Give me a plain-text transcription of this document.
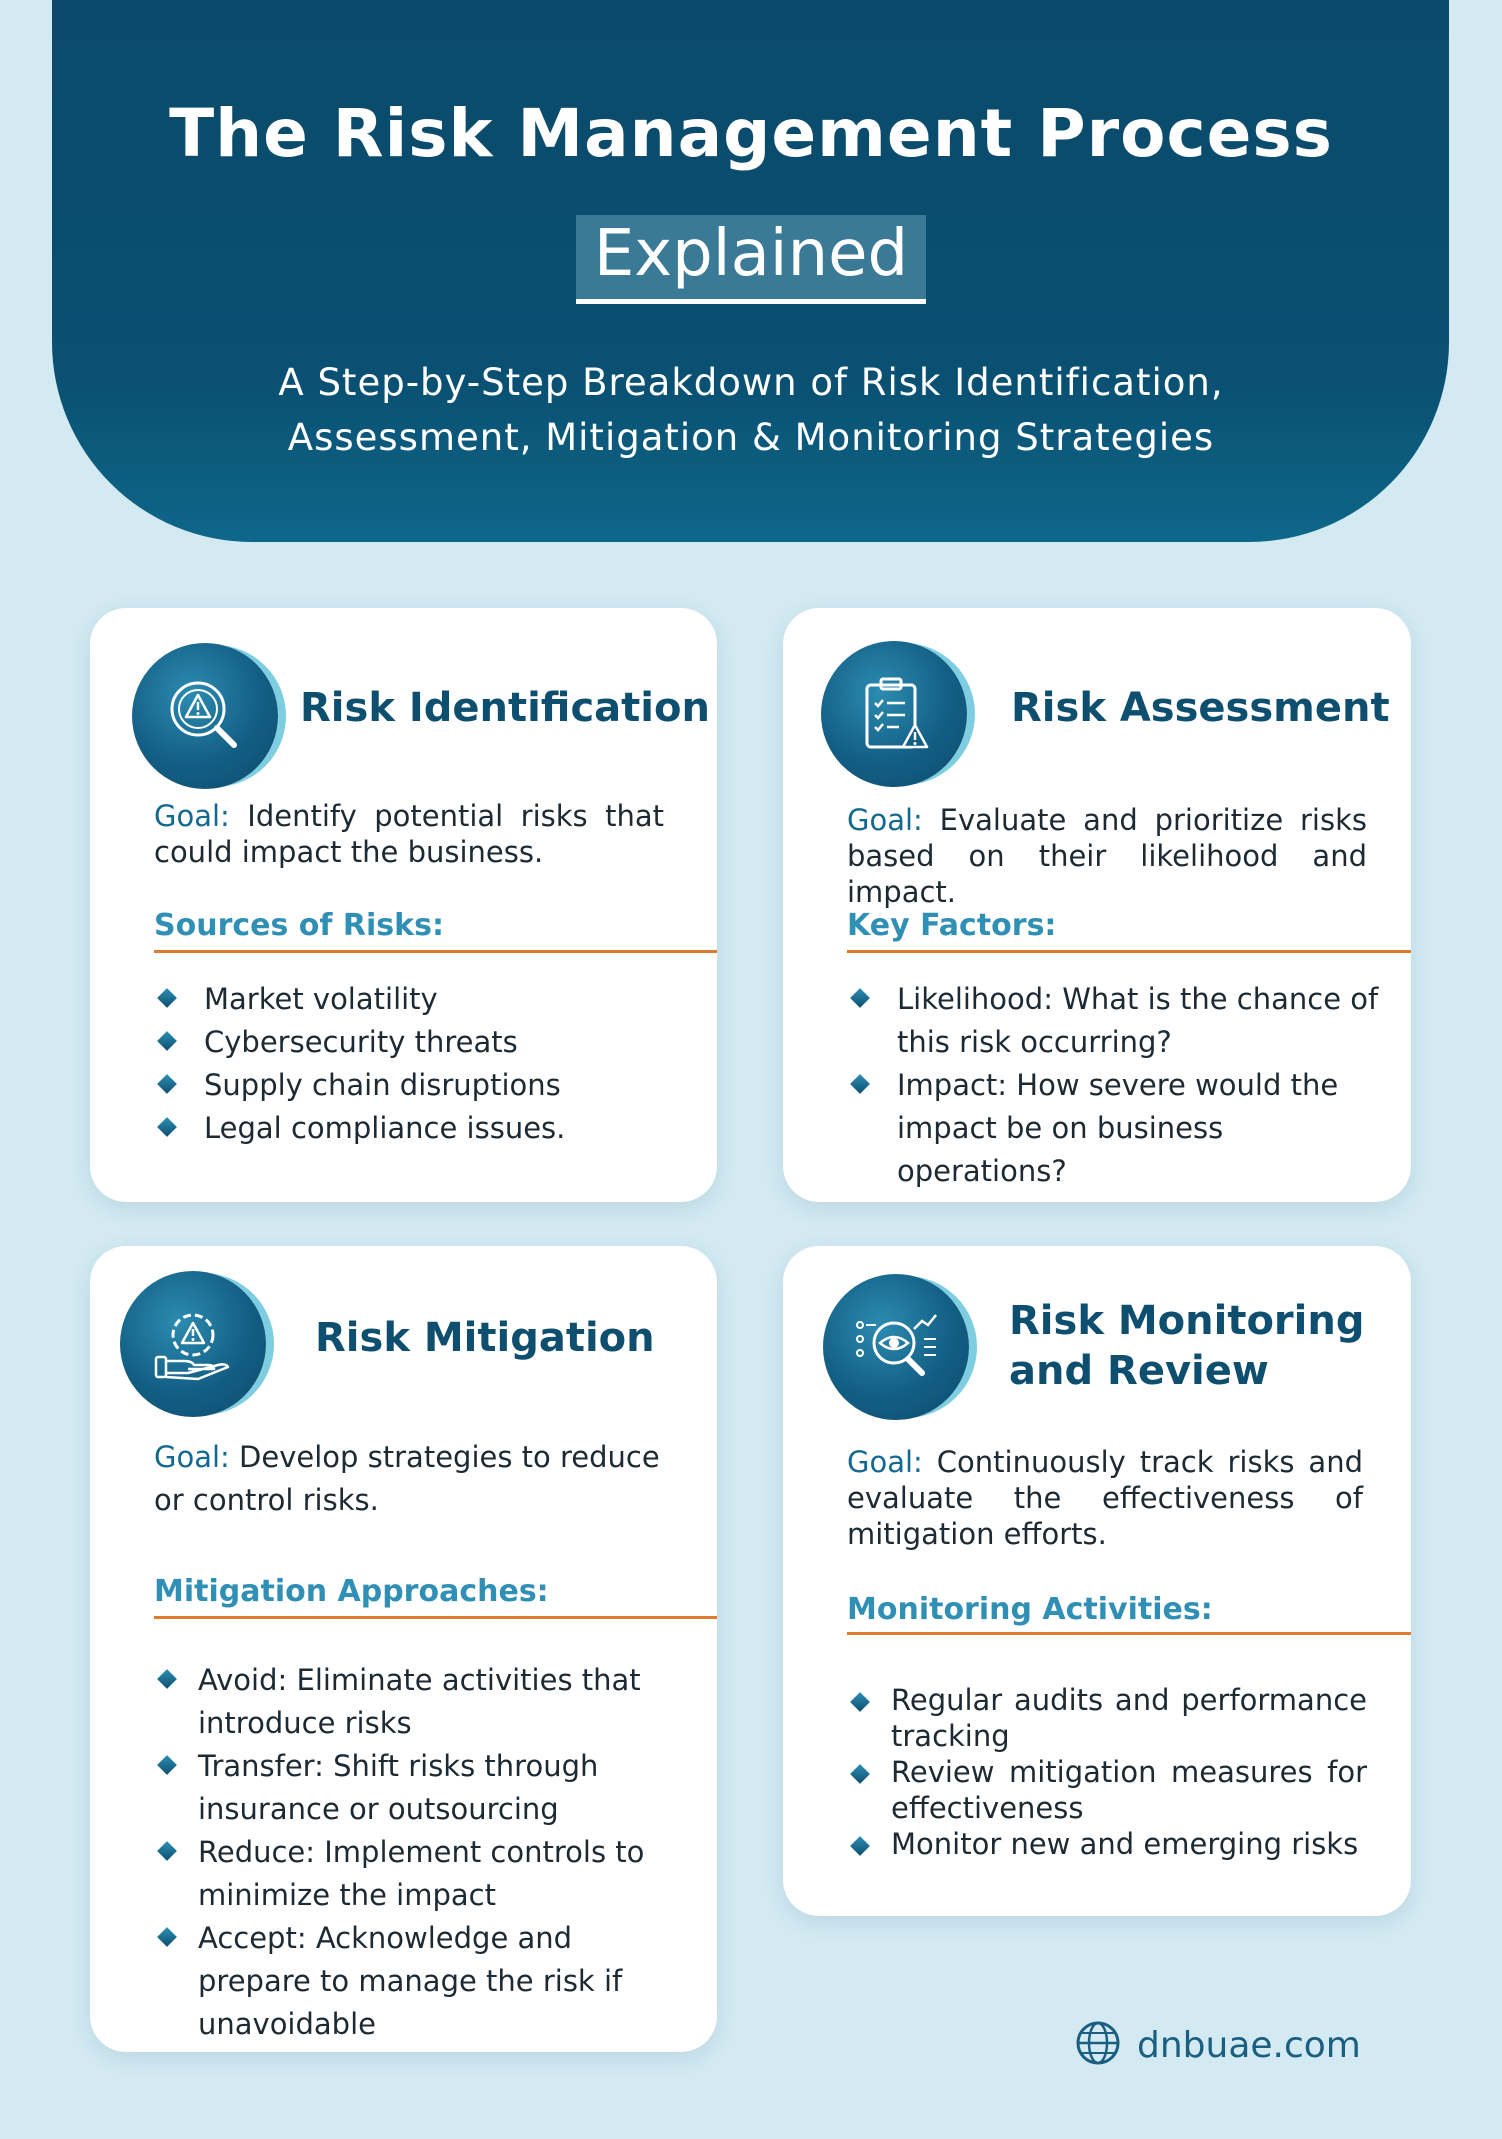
The Risk Management Process
Explained
A Step-by-Step Breakdown of Risk Identification,
Assessment, Mitigation & Monitoring Strategies
Risk Identification
Goal: Identify potential risks that could impact the business.
Sources of Risks:
Market volatility
Cybersecurity threats
Supply chain disruptions
Legal compliance issues.
Risk Assessment
Goal: Evaluate and prioritize risks based on their likelihood and impact.
Key Factors:
Likelihood: What is the chance of this risk occurring?
Impact: How severe would the impact be on business operations?
Risk Mitigation
Goal: Develop strategies to reduce or control risks.
Mitigation Approaches:
Avoid: Eliminate activities that introduce risks
Transfer: Shift risks through insurance or outsourcing
Reduce: Implement controls to minimize the impact
Accept: Acknowledge and prepare to manage the risk if unavoidable
Risk Monitoring
and Review
Goal: Continuously track risks and evaluate the effectiveness of mitigation efforts.
Monitoring Activities:
Regular audits and performance tracking
Review mitigation measures for effectiveness
Monitor new and emerging risks
dnbuae.com
